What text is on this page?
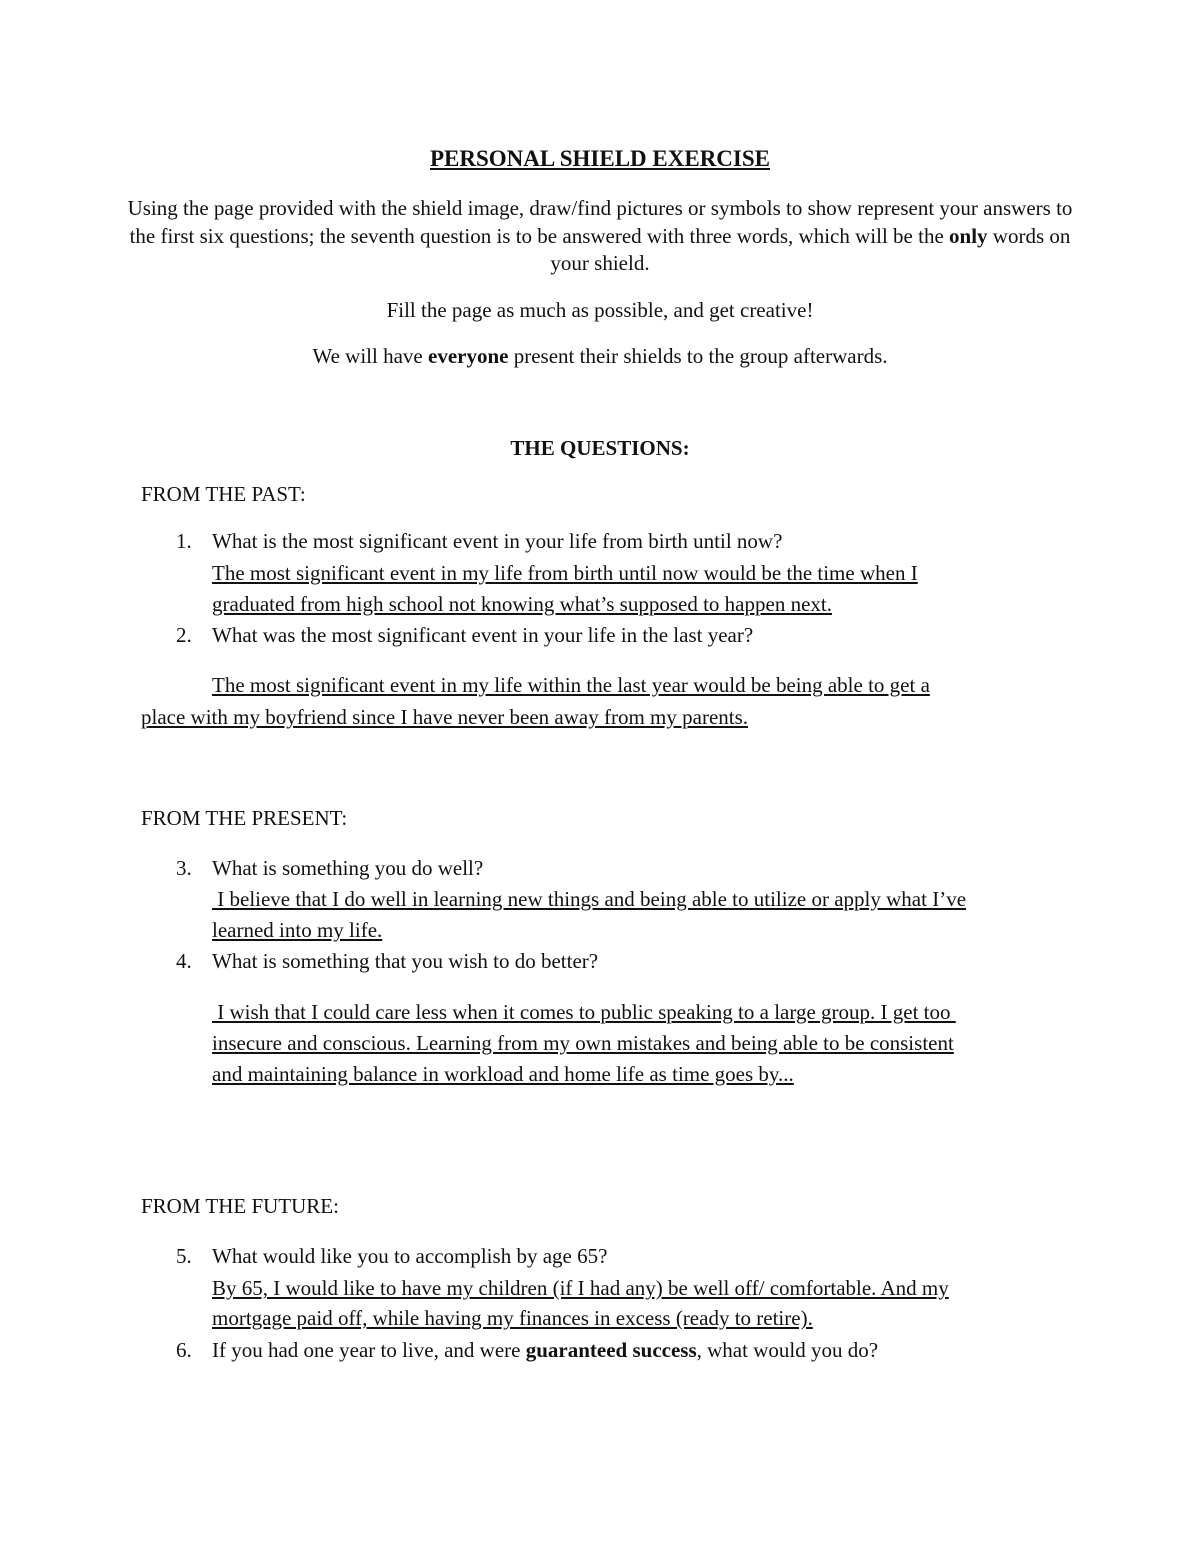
PERSONAL SHIELD EXERCISE

Using the page provided with the shield image, draw/find pictures or symbols to show represent your answers to the first six questions; the seventh question is to be answered with three words, which will be the only words on your shield.

Fill the page as much as possible, and get creative!

We will have everyone present their shields to the group afterwards.

THE QUESTIONS:
FROM THE PAST:
1. What is the most significant event in your life from birth until now?
The most significant event in my life from birth until now would be the time when I
graduated from high school not knowing what’s supposed to happen next.
2. What was the most significant event in your life in the last year?
The most significant event in my life within the last year would be being able to get a
place with my boyfriend since I have never been away from my parents.
FROM THE PRESENT:
3. What is something you do well?
I believe that I do well in learning new things and being able to utilize or apply what I’ve
learned into my life.
4. What is something that you wish to do better?
I wish that I could care less when it comes to public speaking to a large group. I get too
insecure and conscious. Learning from my own mistakes and being able to be consistent
and maintaining balance in workload and home life as time goes by...
FROM THE FUTURE:
5. What would like you to accomplish by age 65?
By 65, I would like to have my children (if I had any) be well off/ comfortable. And my
mortgage paid off, while having my finances in excess (ready to retire).
6. If you had one year to live, and were guaranteed success, what would you do?
